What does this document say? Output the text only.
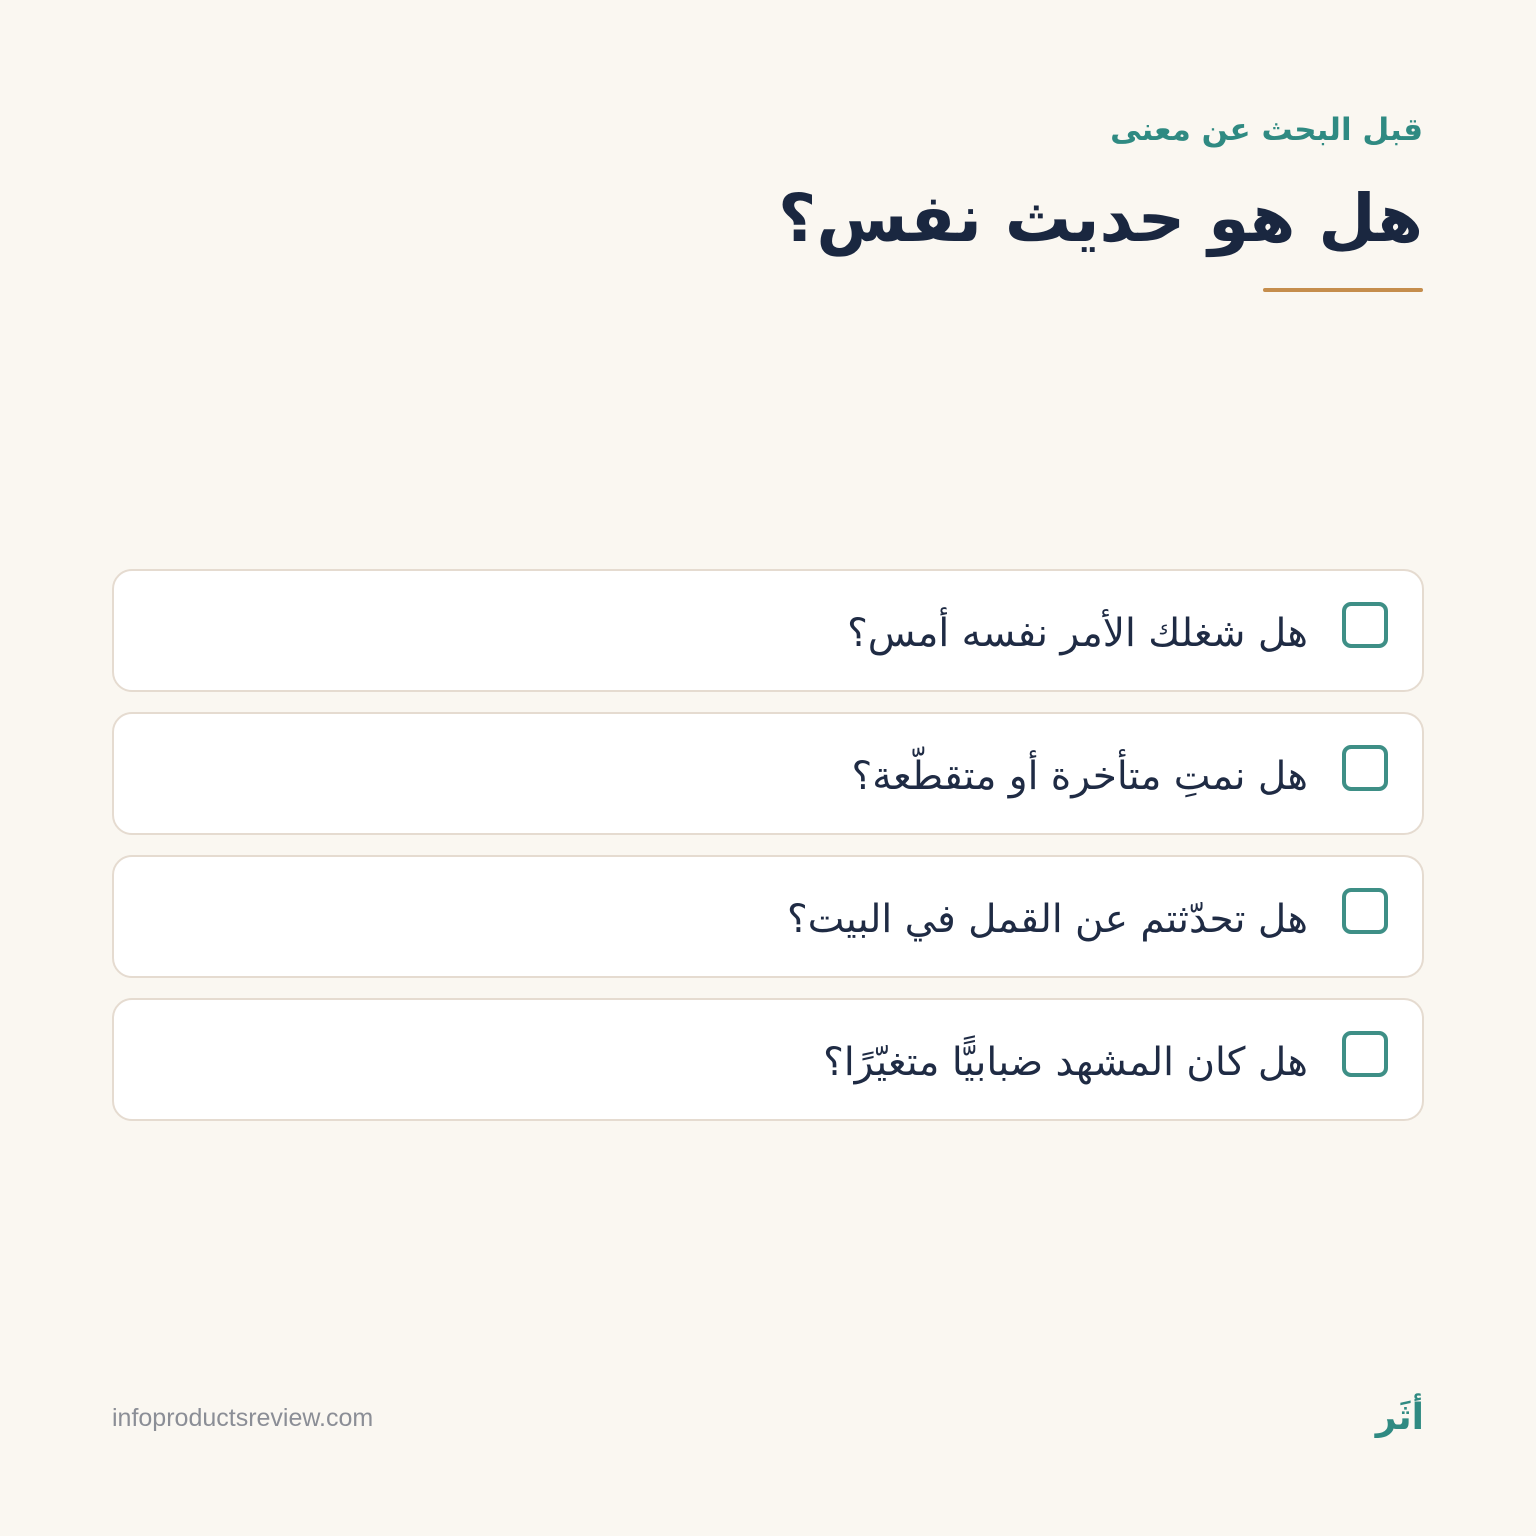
قبل البحث عن معنى
هل هو حديث نفس؟
هل شغلك الأمر نفسه أمس؟
هل نمتِ متأخرة أو متقطّعة؟
هل تحدّثتم عن القمل في البيت؟
هل كان المشهد ضبابيًّا متغيّرًا؟
infoproductsreview.com	أثَر
